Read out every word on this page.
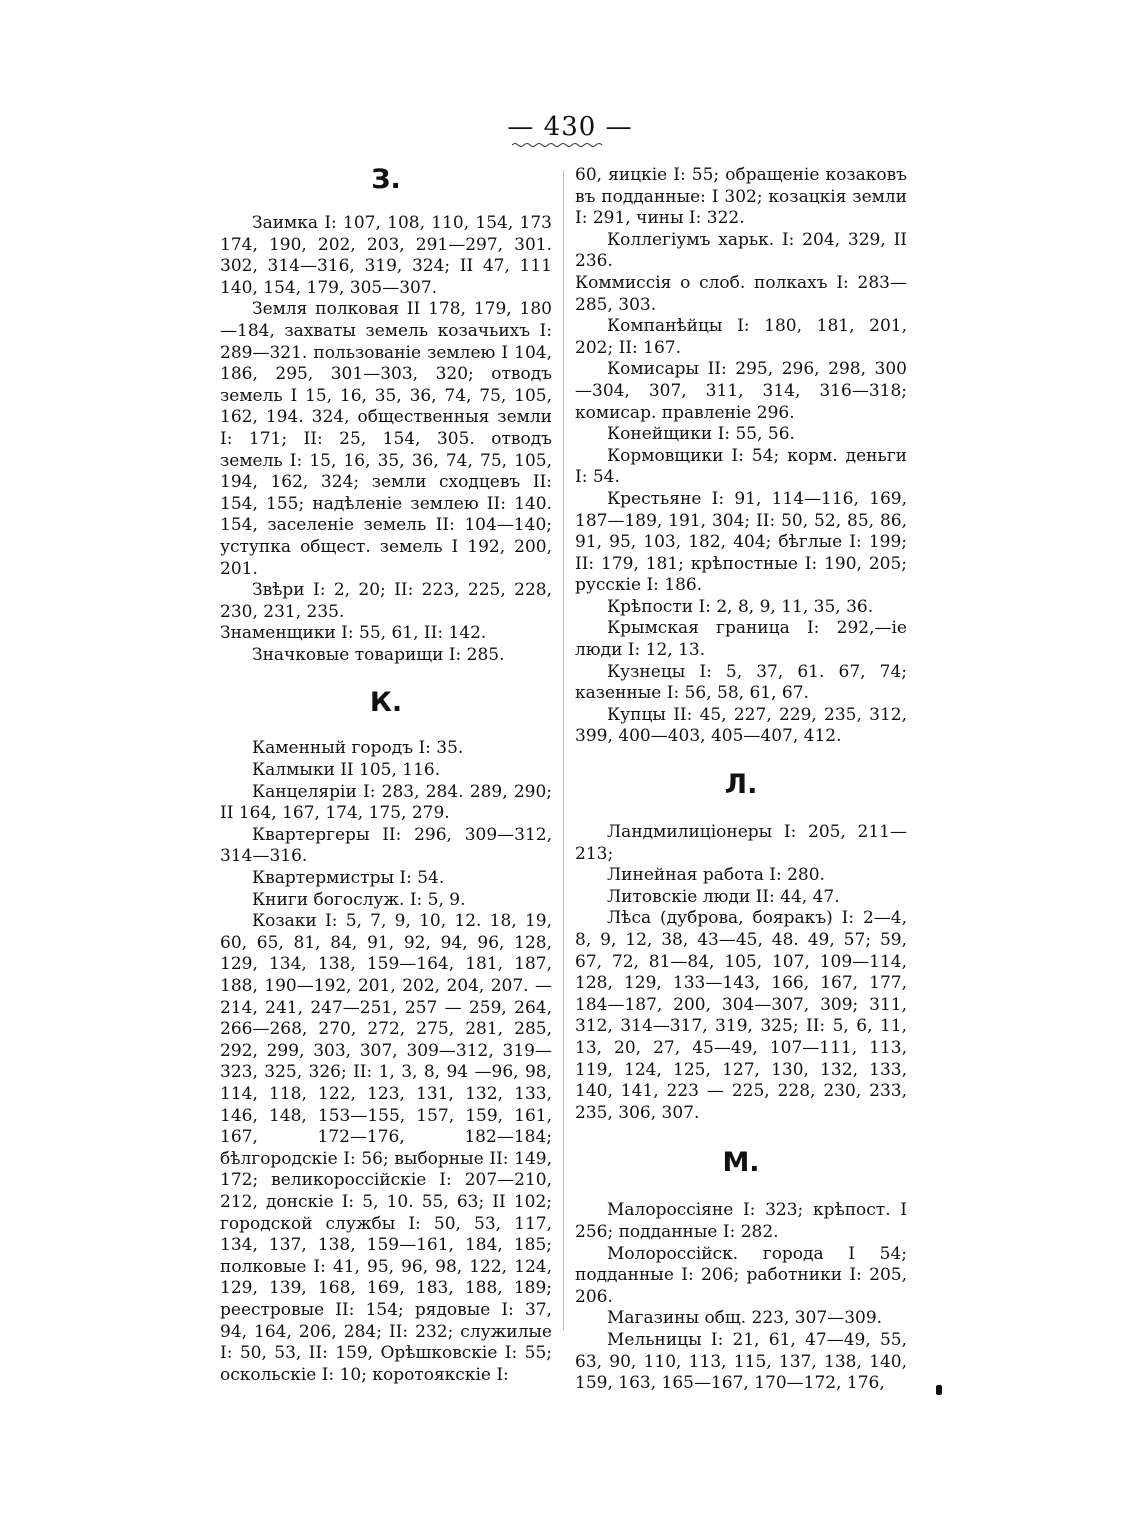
— 430 —
З.

Заимка I: 107, 108, 110, 154, 173 174, 190, 202, 203, 291—297, 301. 302, 314—316, 319, 324; II 47, 111 140, 154, 179, 305—307.

Земля полковая II 178, 179, 180 —184, захваты земель козачьихъ I: 289—321. пользованіе землею I 104, 186, 295, 301—303, 320; отводъ земель I 15, 16, 35, 36, 74, 75, 105, 162, 194. 324, общественныя земли I: 171; II: 25, 154, 305. отводъ земель I: 15, 16, 35, 36, 74, 75, 105, 194, 162, 324; земли сходцевъ II: 154, 155; надѣленіе землею II: 140. 154, заселеніе земель II: 104—140; уступка общест. земель I 192, 200, 201.

Звѣри I: 2, 20; II: 223, 225, 228, 230, 231, 235.

Знаменщики I: 55, 61, II: 142.

Значковые товарищи I: 285.

К.

Каменный городъ I: 35.

Калмыки II 105, 116.

Канцеляріи I: 283, 284. 289, 290; II 164, 167, 174, 175, 279.

Квартергеры II: 296, 309—312, 314—316.

Квартермистры I: 54.

Книги богослуж. I: 5, 9.

Козаки I: 5, 7, 9, 10, 12. 18, 19, 60, 65, 81, 84, 91, 92, 94, 96, 128, 129, 134, 138, 159—164, 181, 187, 188, 190—192, 201, 202, 204, 207. —214, 241, 247—251, 257 — 259, 264, 266—268, 270, 272, 275, 281, 285, 292, 299, 303, 307, 309—312, 319—323, 325, 326; II: 1, 3, 8, 94 —96, 98, 114, 118, 122, 123, 131, 132, 133, 146, 148, 153—155, 157, 159, 161, 167, 172—176, 182—184; бѣлгородскіе I: 56; выборные II: 149, 172; великороссійскіе I: 207—210, 212, донскіе I: 5, 10. 55, 63; II 102; городской службы I: 50, 53, 117, 134, 137, 138, 159—161, 184, 185; полковые I: 41, 95, 96, 98, 122, 124, 129, 139, 168, 169, 183, 188, 189; реестровые II: 154; рядовые I: 37, 94, 164, 206, 284; II: 232; служилые I: 50, 53, II: 159, Орѣшковскіе I: 55; оскольскіе I: 10; коротоякскіе I:

60, яицкіе I: 55; обращеніе козаковъ въ подданные: I 302; козацкія земли I: 291, чины I: 322.

Коллегіумъ харьк. I: 204, 329, II 236.

Коммиссія о слоб. полкахъ I: 283—285, 303.

Компанѣйцы I: 180, 181, 201, 202; II: 167.

Комисары II: 295, 296, 298, 300 —304, 307, 311, 314, 316—318; комисар. правленіе 296.

Конейщики I: 55, 56.

Кормовщики I: 54; корм. деньги I: 54.

Крестьяне I: 91, 114—116, 169, 187—189, 191, 304; II: 50, 52, 85, 86, 91, 95, 103, 182, 404; бѣглые I: 199; II: 179, 181; крѣпостные I: 190, 205; русскіе I: 186.

Крѣпости I: 2, 8, 9, 11, 35, 36.

Крымская граница I: 292,—іе люди I: 12, 13.

Кузнецы I: 5, 37, 61. 67, 74; казенные I: 56, 58, 61, 67.

Купцы II: 45, 227, 229, 235, 312, 399, 400—403, 405—407, 412.

Л.

Ландмилиціонеры I: 205, 211—213;

Линейная работа I: 280.

Литовскіе люди II: 44, 47.

Лѣса (дуброва, бояракъ) I: 2—4, 8, 9, 12, 38, 43—45, 48. 49, 57; 59, 67, 72, 81—84, 105, 107, 109—114, 128, 129, 133—143, 166, 167, 177, 184—187, 200, 304—307, 309; 311, 312, 314—317, 319, 325; II: 5, 6, 11, 13, 20, 27, 45—49, 107—111, 113, 119, 124, 125, 127, 130, 132, 133, 140, 141, 223 — 225, 228, 230, 233, 235, 306, 307.

М.

Малороссіяне I: 323; крѣпост. I 256; подданные I: 282.

Молороссійск. города I 54; подданные I: 206; работники I: 205, 206.

Магазины общ. 223, 307—309.

Мельницы I: 21, 61, 47—49, 55, 63, 90, 110, 113, 115, 137, 138, 140, 159, 163, 165—167, 170—172, 176,
